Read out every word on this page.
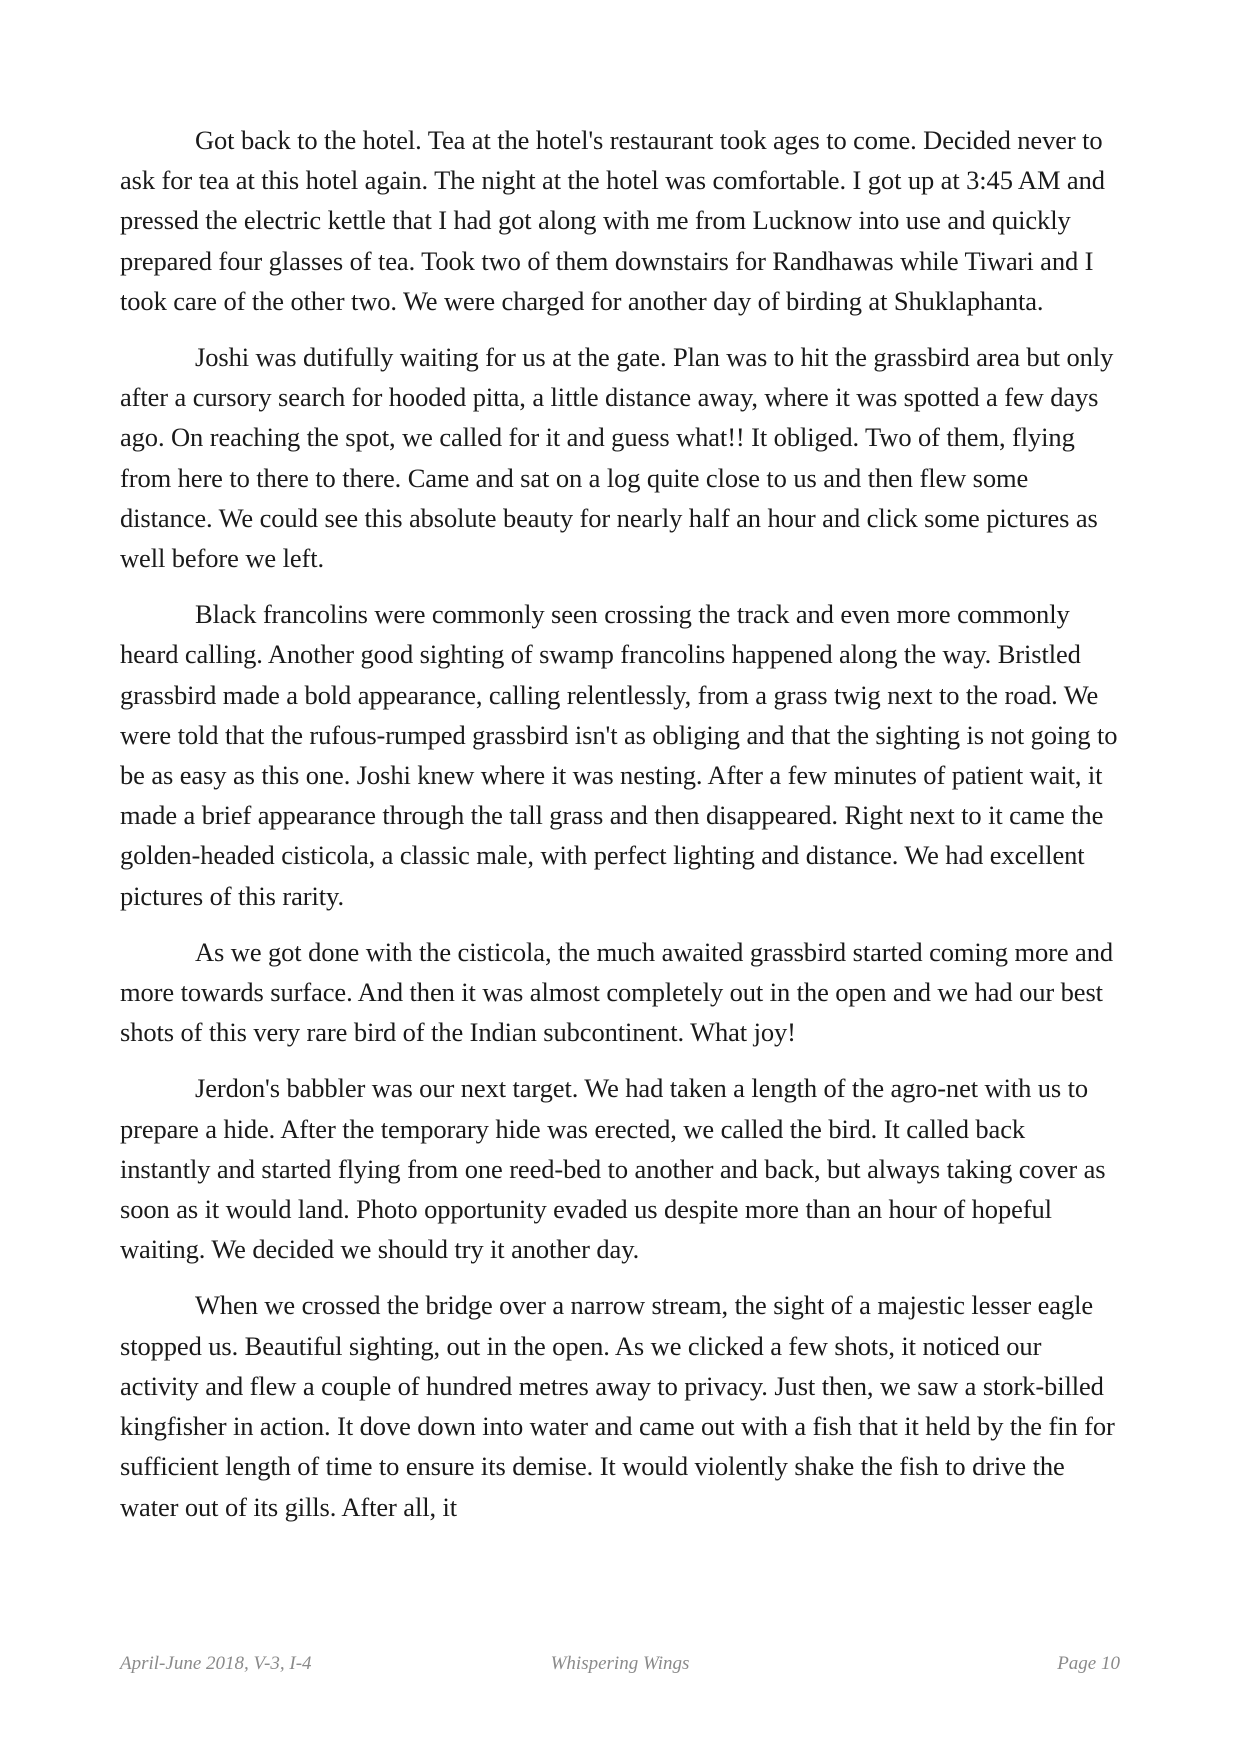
Got back to the hotel. Tea at the hotel's restaurant took ages to come. Decided never to ask for tea at this hotel again. The night at the hotel was comfortable. I got up at 3:45 AM and pressed the electric kettle that I had got along with me from Lucknow into use and quickly prepared four glasses of tea. Took two of them downstairs for Randhawas while Tiwari and I took care of the other two. We were charged for another day of birding at Shuklaphanta.

Joshi was dutifully waiting for us at the gate. Plan was to hit the grassbird area but only after a cursory search for hooded pitta, a little distance away, where it was spotted a few days ago. On reaching the spot, we called for it and guess what!! It obliged. Two of them, flying from here to there to there. Came and sat on a log quite close to us and then flew some distance. We could see this absolute beauty for nearly half an hour and click some pictures as well before we left.

Black francolins were commonly seen crossing the track and even more commonly heard calling. Another good sighting of swamp francolins happened along the way. Bristled grassbird made a bold appearance, calling relentlessly, from a grass twig next to the road. We were told that the rufous-rumped grassbird isn't as obliging and that the sighting is not going to be as easy as this one. Joshi knew where it was nesting. After a few minutes of patient wait, it made a brief appearance through the tall grass and then disappeared. Right next to it came the golden-headed cisticola, a classic male, with perfect lighting and distance. We had excellent pictures of this rarity.

As we got done with the cisticola, the much awaited grassbird started coming more and more towards surface. And then it was almost completely out in the open and we had our best shots of this very rare bird of the Indian subcontinent. What joy!

Jerdon's babbler was our next target. We had taken a length of the agro-net with us to prepare a hide. After the temporary hide was erected, we called the bird. It called back instantly and started flying from one reed-bed to another and back, but always taking cover as soon as it would land. Photo opportunity evaded us despite more than an hour of hopeful waiting. We decided we should try it another day.

When we crossed the bridge over a narrow stream, the sight of a majestic lesser eagle stopped us. Beautiful sighting, out in the open. As we clicked a few shots, it noticed our activity and flew a couple of hundred metres away to privacy. Just then, we saw a stork-billed kingfisher in action. It dove down into water and came out with a fish that it held by the fin for sufficient length of time to ensure its demise. It would violently shake the fish to drive the water out of its gills. After all, it

April-June 2018, V-3, I-4	Whispering Wings	Page 10
